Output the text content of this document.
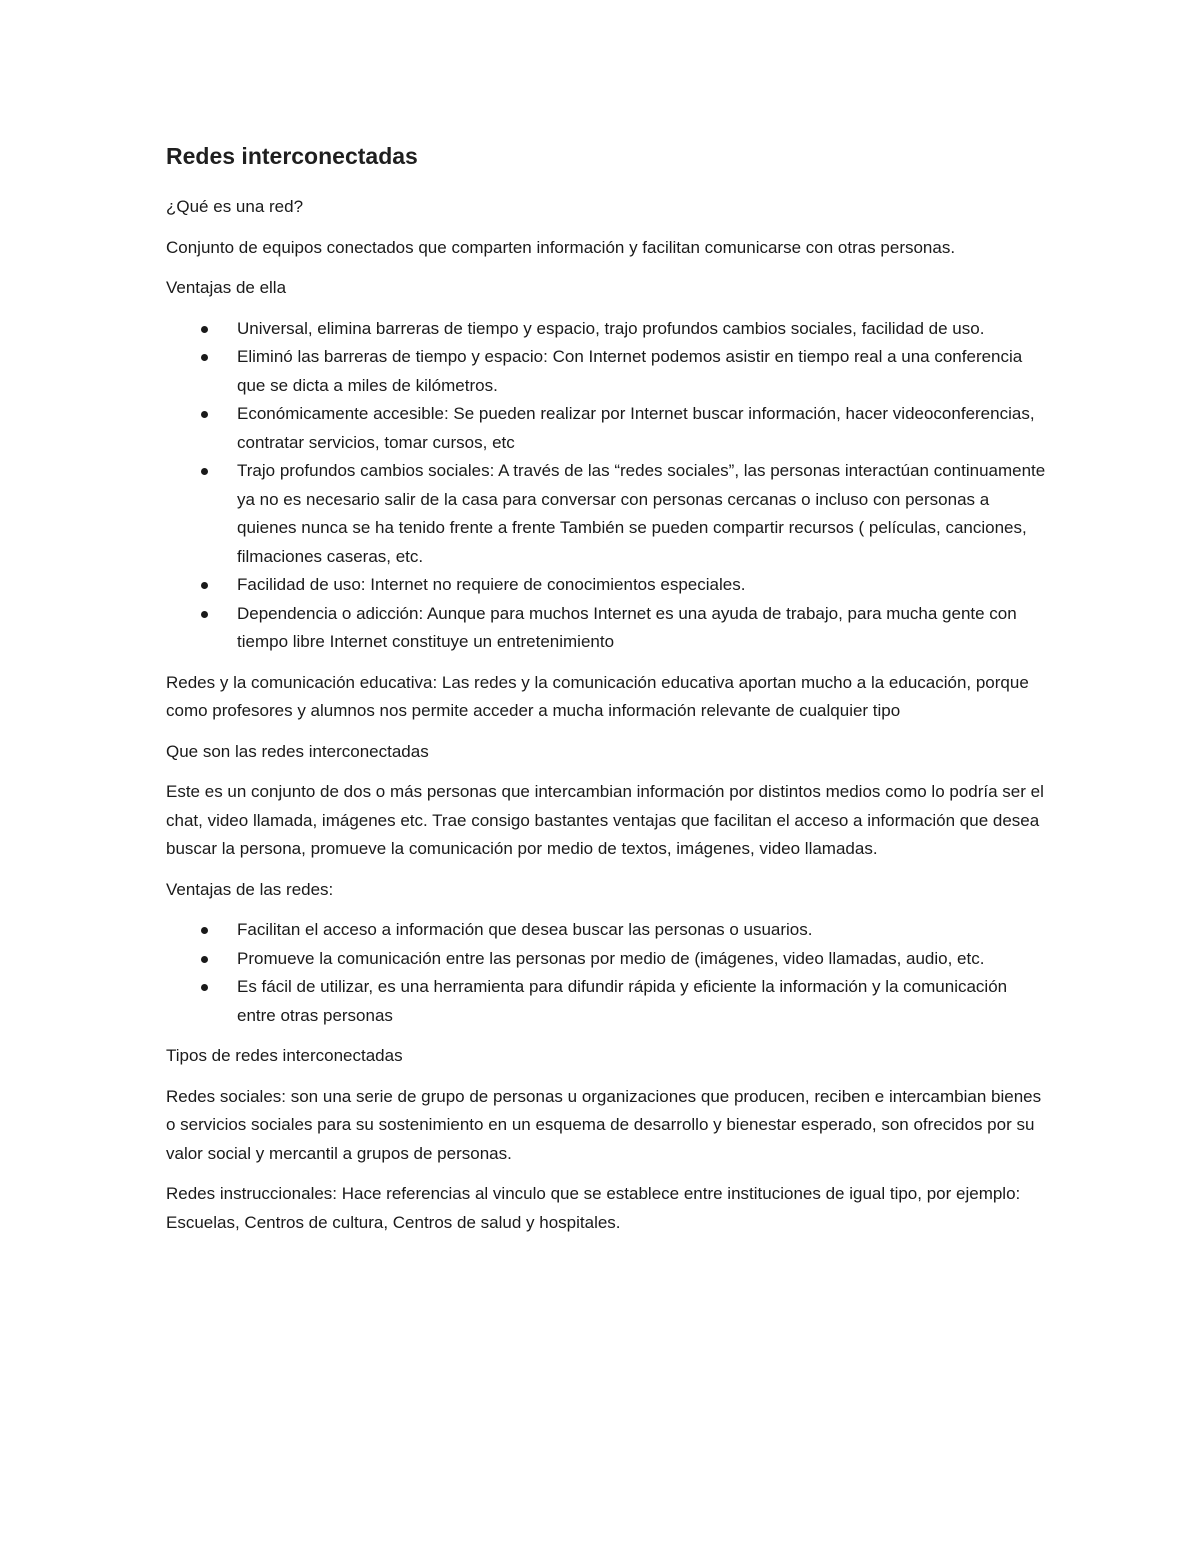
Redes interconectadas

¿Qué es una red?

Conjunto de equipos conectados que comparten información y facilitan comunicarse con otras personas.

Ventajas de ella

Universal, elimina barreras de tiempo y espacio, trajo profundos cambios sociales, facilidad de uso.
Eliminó las barreras de tiempo y espacio: Con Internet podemos asistir en tiempo real a una conferencia que se dicta a miles de kilómetros.
Económicamente accesible: Se pueden realizar por Internet buscar información, hacer videoconferencias, contratar servicios, tomar cursos, etc
Trajo profundos cambios sociales: A través de las “redes sociales”, las personas interactúan continuamente ya no es necesario salir de la casa para conversar con personas cercanas o incluso con personas a quienes nunca se ha tenido frente a frente También se pueden compartir recursos ( películas, canciones, filmaciones caseras, etc.
Facilidad de uso: Internet no requiere de conocimientos especiales.
Dependencia o adicción: Aunque para muchos Internet es una ayuda de trabajo, para mucha gente con tiempo libre Internet constituye un entretenimiento

Redes y la comunicación educativa: Las redes y la comunicación educativa aportan mucho a la educación, porque como profesores y alumnos nos permite acceder a mucha información relevante de cualquier tipo

Que son las redes interconectadas

Este es un conjunto de dos o más personas que intercambian información por distintos medios como lo podría ser el chat, video llamada, imágenes etc. Trae consigo bastantes ventajas que facilitan el acceso a información que desea buscar la persona, promueve la comunicación por medio de textos, imágenes, video llamadas.

Ventajas de las redes:

Facilitan el acceso a información que desea buscar las personas o usuarios.
Promueve la comunicación entre las personas por medio de (imágenes, video llamadas, audio, etc.
Es fácil de utilizar, es una herramienta para difundir rápida y eficiente la información y la comunicación entre otras personas

Tipos de redes interconectadas

Redes sociales: son una serie de grupo de personas u organizaciones que producen, reciben e intercambian bienes o servicios sociales para su sostenimiento en un esquema de desarrollo y bienestar esperado, son ofrecidos por su valor social y mercantil a grupos de personas.

Redes instruccionales: Hace referencias al vinculo que se establece entre instituciones de igual tipo, por ejemplo: Escuelas, Centros de cultura, Centros de salud y hospitales.
